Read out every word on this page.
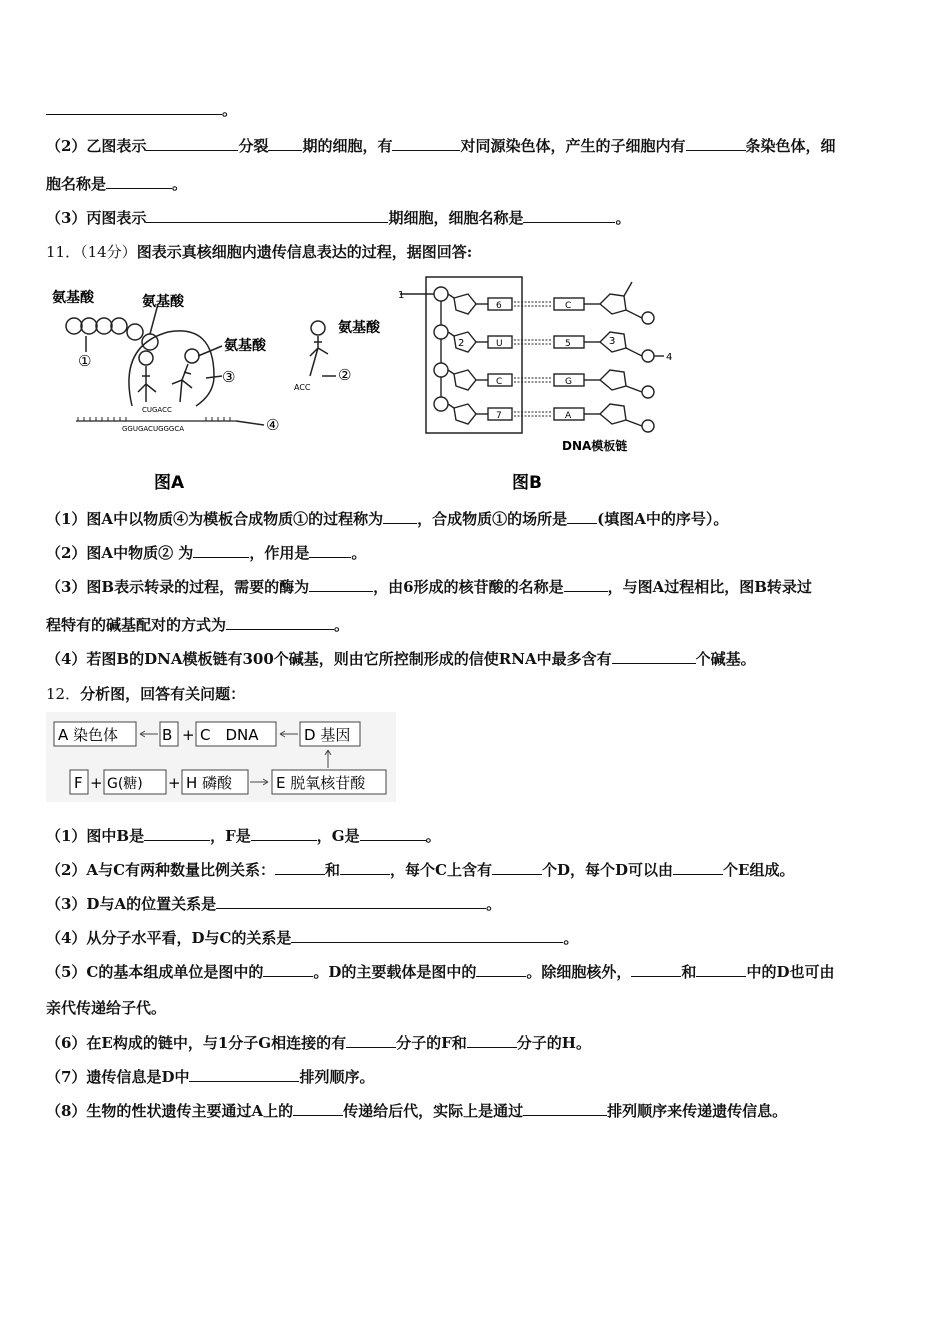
。
（2）乙图表示	分裂 期的细胞，有	对同源染色体，产生的子细胞内有	条染色体，细
胞名称是	。
（3）丙图表示	期细胞，细胞名称是	。
11．（14分）图表示真核细胞内遗传信息表达的过程，据图回答:
氨基酸	氨基酸
氨基酸
①
③
④
CUGACC
GGUGACUGGGCA
图A
氨基酸
ACC
②
1
2	3
4
6
U
C
7
C
5
G
A
DNA模板链
图B
（1）图A中以物质④为模板合成物质①的过程称为 ，合成物质①的场所是 (填图A中的序号）。
（2）图A中物质② 为	，作用是	。
（3）图B表示转录的过程，需要的酶为	，由6形成的核苷酸的名称是	，与图A过程相比，图B转录过
程特有的碱基配对的方式为	。
（4）若图B的DNA模板链有300个碱基，则由它所控制形成的信使RNA中最多含有	个碱基。
12．分析图，回答有关问题：
A 染色体	B + C　DNA	D 基因
F + G(糖) + H 磷酸	E 脱氧核苷酸
（1）图中B是	，F是	，G是	。
（2）A与C有两种数量比例关系：	和	，每个C上含有	个D，每个D可以由	个E组成。
（3）D与A的位置关系是	。
（4）从分子水平看，D与C的关系是	。
（5）C的基本组成单位是图中的	。D的主要载体是图中的	。除细胞核外，	和	中的D也可由
亲代传递给子代。
（6）在E构成的链中，与1分子G相连接的有	分子的F和	分子的H。
（7）遗传信息是D中	排列顺序。
（8）生物的性状遗传主要通过A上的	传递给后代，实际上是通过	排列顺序来传递遗传信息。
